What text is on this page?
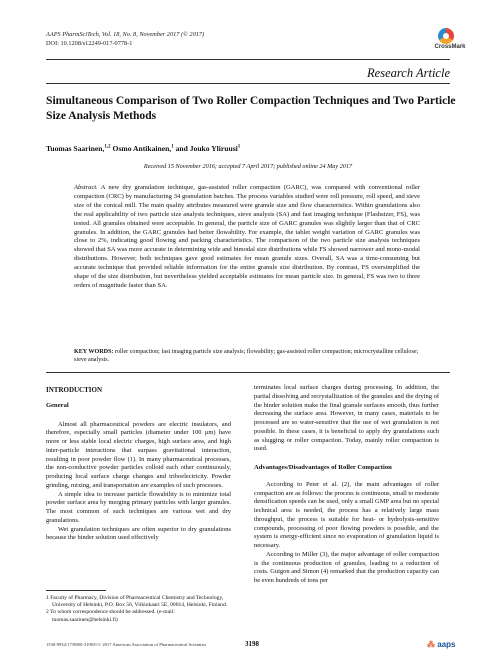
AAPS PharmSciTech, Vol. 18, No. 8, November 2017 (© 2017)
DOI: 10.1208/s12249-017-0778-1
CrossMark
Research Article
Simultaneous Comparison of Two Roller Compaction Techniques and Two Particle Size Analysis Methods
Tuomas Saarinen,$^{1,2}$ Osmo Antikainen,$^1$ and Jouko Yliruusi$^1$
Received 15 November 2016; accepted 7 April 2017; published online 24 May 2017
Abstract. A new dry granulation technique, gas-assisted roller compaction (GARC), was compared with conventional roller compaction (CRC) by manufacturing 34 granulation batches. The process variables studied were roll pressure, roll speed, and sieve size of the conical mill. The main quality attributes measured were granule size and flow characteristics. Within granulations also the real applicability of two particle size analysis techniques, sieve analysis (SA) and fast imaging technique (Flashsizer, FS), was tested. All granules obtained were acceptable. In general, the particle size of GARC granules was slightly larger than that of CRC granules. In addition, the GARC granules had better flowability. For example, the tablet weight variation of GARC granules was close to 2%, indicating good flowing and packing characteristics. The comparison of the two particle size analysis techniques showed that SA was more accurate in determining wide and bimodal size distributions while FS showed narrower and mono-modal distributions. However, both techniques gave good estimates for mean granule sizes. Overall, SA was a time-consuming but accurate technique that provided reliable information for the entire granule size distribution. By contrast, FS oversimplified the shape of the size distribution, but nevertheless yielded acceptable estimates for mean particle size. In general, FS was two to three orders of magnitude faster than SA.
KEY WORDS: roller compaction; fast imaging particle size analysis; flowability; gas-assisted roller compaction; microcrystalline cellulose; sieve analysis.
INTRODUCTION
General

Almost all pharmaceutical powders are electric insulators, and therefore, especially small particles (diameter under 100 μm) have more or less stable local electric charges, high surface area, and high inter-particle interactions that surpass gravitational interaction, resulting in poor powder flow (1). In many pharmaceutical processes, the non-conductive powder particles colloid each other continuously, producing local surface charge changes and triboelectricity. Powder grinding, mixing, and transportation are examples of such processes.

A simple idea to increase particle flowability is to minimize total powder surface area by merging primary particles with larger granules. The most common of such techniques are various wet and dry granulations.

Wet granulation techniques are often superior to dry granulations because the binder solution used effectively

1 Faculty of Pharmacy, Division of Pharmaceutical Chemistry and Technology, University of Helsinki, P.O. Box 56, Viikinkaari 5E, 00014, Helsinki, Finland.
2 To whom correspondence should be addressed. (e-mail: tuomas.saarinen@helsinki.fi)

terminates local surface charges during processing. In addition, the partial dissolving and recrystallization of the granules and the drying of the binder solution make the final granule surfaces smooth, thus further decreasing the surface area. However, in many cases, materials to be processed are so water-sensitive that the use of wet granulation is not possible. In these cases, it is beneficial to apply dry granulations such as slugging or roller compaction. Today, mainly roller compaction is used.

Advantages/Disadvantages of Roller Compaction

According to Peter et al. (2), the main advantages of roller compaction are as follows: the process is continuous, small to moderate densification speeds can be used, only a small GMP area but no special technical area is needed, the process has a relatively large mass throughput, the process is suitable for heat- or hydrolysis-sensitive compounds, processing of poor flowing powders is possible, and the system is energy-efficient since no evaporation of granulation liquid is necessary.

According to Miller (3), the major advantage of roller compaction is the continuous production of granules, leading to a reduction of costs. Guigon and Simon (4) remarked that the production capacity can be even hundreds of tons per

1530-9932/17/0800-3198/0 © 2017 American Association of Pharmaceutical Scientists	3198	⁂ aaps
